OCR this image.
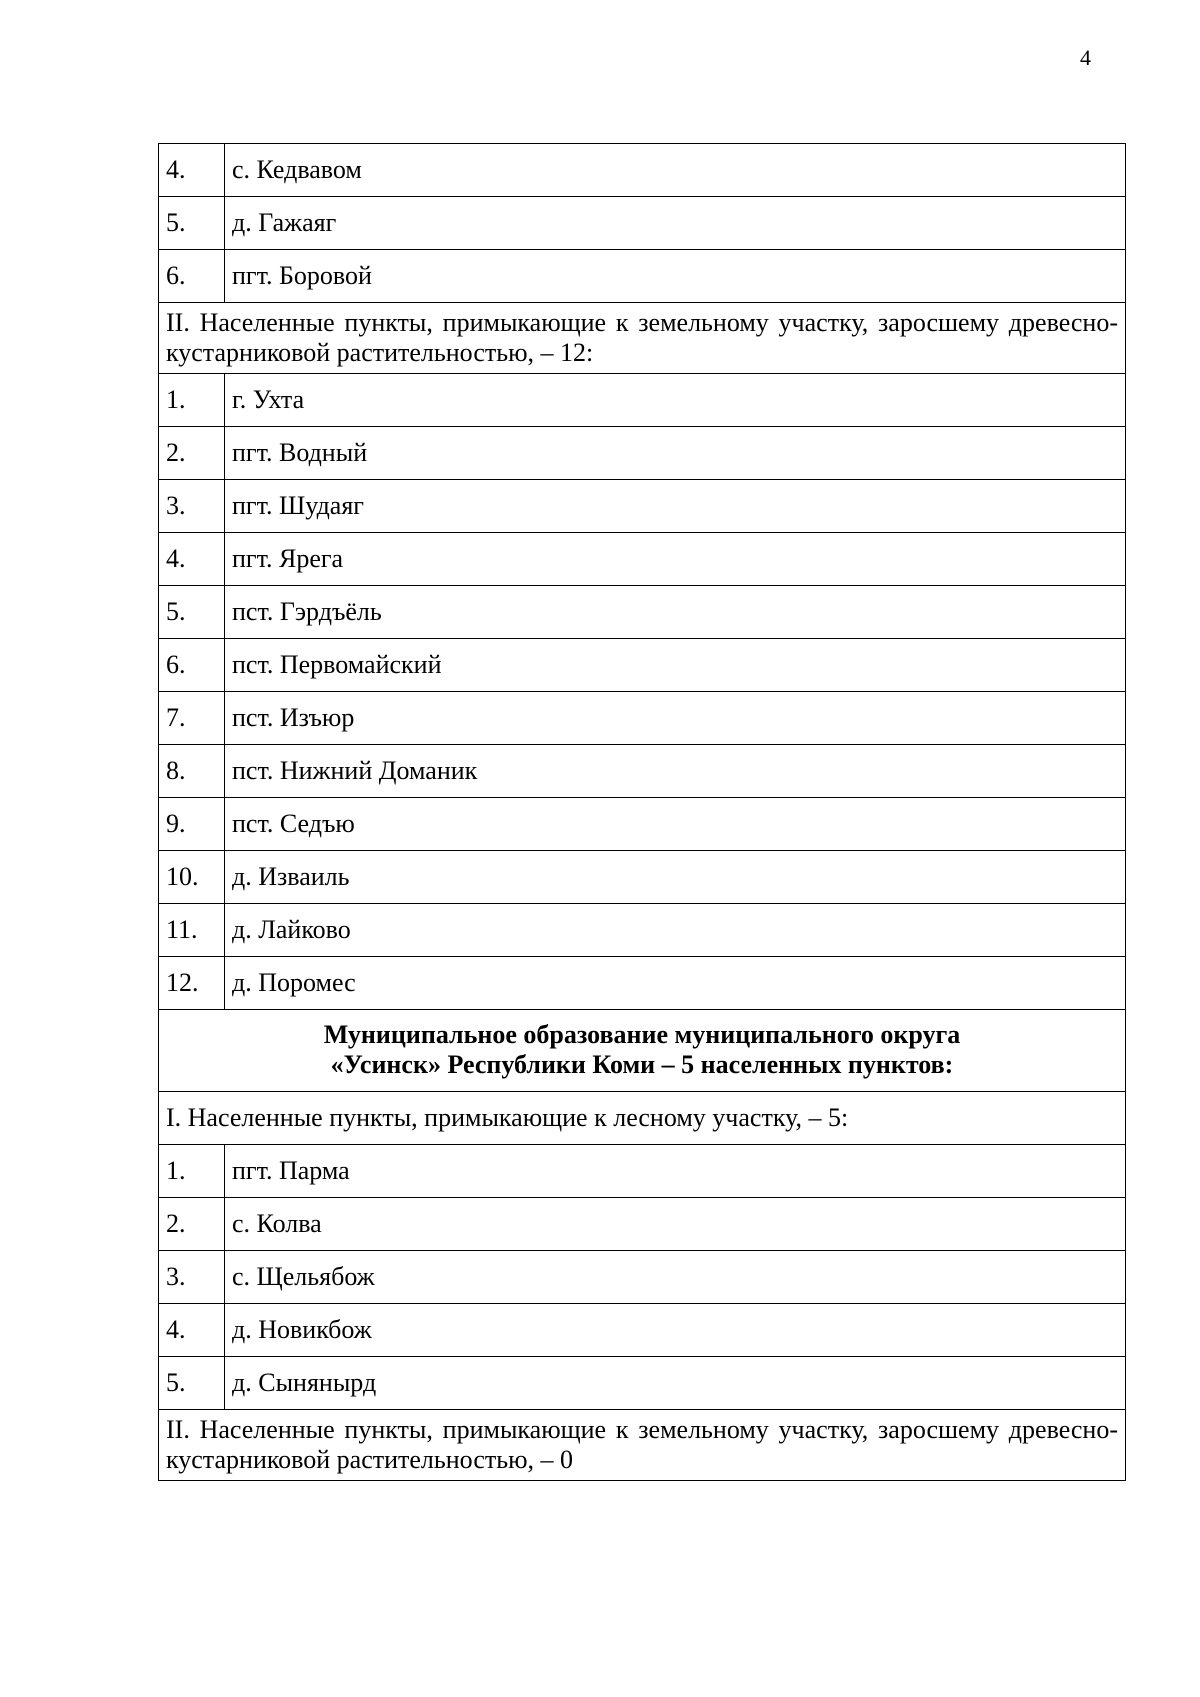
4
4.	с. Кедвавом
5.	д. Гажаяг
6.	пгт. Боровой
II. Населенные пункты, примыкающие к земельному участку, заросшему древесно-кустарниковой растительностью, – 12:	
1.	г. Ухта
2.	пгт. Водный
3.	пгт. Шудаяг
4.	пгт. Ярега
5.	пст. Гэрдъёль
6.	пст. Первомайский
7.	пст. Изъюр
8.	пст. Нижний Доманик
9.	пст. Седъю
10.	д. Изваиль
11.	д. Лайково
12.	д. Поромес

Муниципальное образование муниципального округа
«Усинск» Республики Коми – 5 населенных пунктов:	

I. Населенные пункты, примыкающие к лесному участку, – 5:	
1.	пгт. Парма
2.	с. Колва
3.	с. Щельябож
4.	д. Новикбож
5.	д. Сынянырд
II. Населенные пункты, примыкающие к земельному участку, заросшему древесно-кустарниковой растительностью, – 0	
